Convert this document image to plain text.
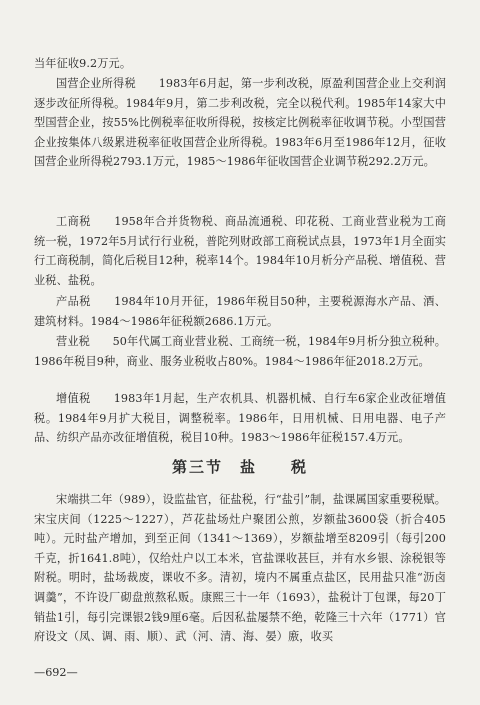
当年征收9.2万元。

国营企业所得税　　1983年6月起，第一步利改税，原盈利国营企业上交利润逐步改征所得税。1984年9月，第二步利改税，完全以税代利。1985年14家大中型国营企业，按55%比例税率征收所得税，按核定比例税率征收调节税。小型国营企业按集体八级累进税率征收国营企业所得税。1983年6月至1986年12月，征收国营企业所得税2793.1万元，1985～1986年征收国营企业调节税292.2万元。

工商税　　1958年合并货物税、商品流通税、印花税、工商业营业税为工商统一税，1972年5月试行行业税，普陀列财政部工商税试点县，1973年1月全面实行工商税制，简化后税目12种，税率14个。1984年10月析分产品税、增值税、营业税、盐税。

产品税　　1984年10月开征，1986年税目50种，主要税源海水产品、酒、建筑材料。1984～1986年征税额2686.1万元。

营业税　　50年代属工商业营业税、工商统一税，1984年9月析分独立税种。1986年税目9种，商业、服务业税收占80%。1984～1986年征2018.2万元。

增值税　　1983年1月起，生产农机具、机器机械、自行车6家企业改征增值税。1984年9月扩大税目，调整税率。1986年，日用机械、日用电器、电子产品、纺织产品亦改征增值税，税目10种。1983～1986年征税157.4万元。

第三节　盐　　税

宋端拱二年（989），设监盐官，征盐税，行“盐引”制，盐课属国家重要税赋。宋宝庆间（1225～1227），芦花盐场灶户聚团公煎，岁额盐3600袋（折合405吨）。元时盐产增加，到至正间（1341～1369），岁额盐增至8209引（每引200千克，折1641.8吨），仅给灶户以工本米，官盐课收甚巨，并有水乡银、涂税银等附税。明时，盐场裁废，课收不多。清初，境内不属重点盐区，民用盐只准“沥卤调羹”，不许设厂砌盘煎熬私贩。康熙三十一年（1693），盐税计丁包课，每20丁销盐1引，每引完课银2钱9厘6毫。后因私盐屡禁不绝，乾隆三十六年（1771）官府设文（凤、调、雨、顺）、武（河、清、海、晏）廒，收买

—692—
